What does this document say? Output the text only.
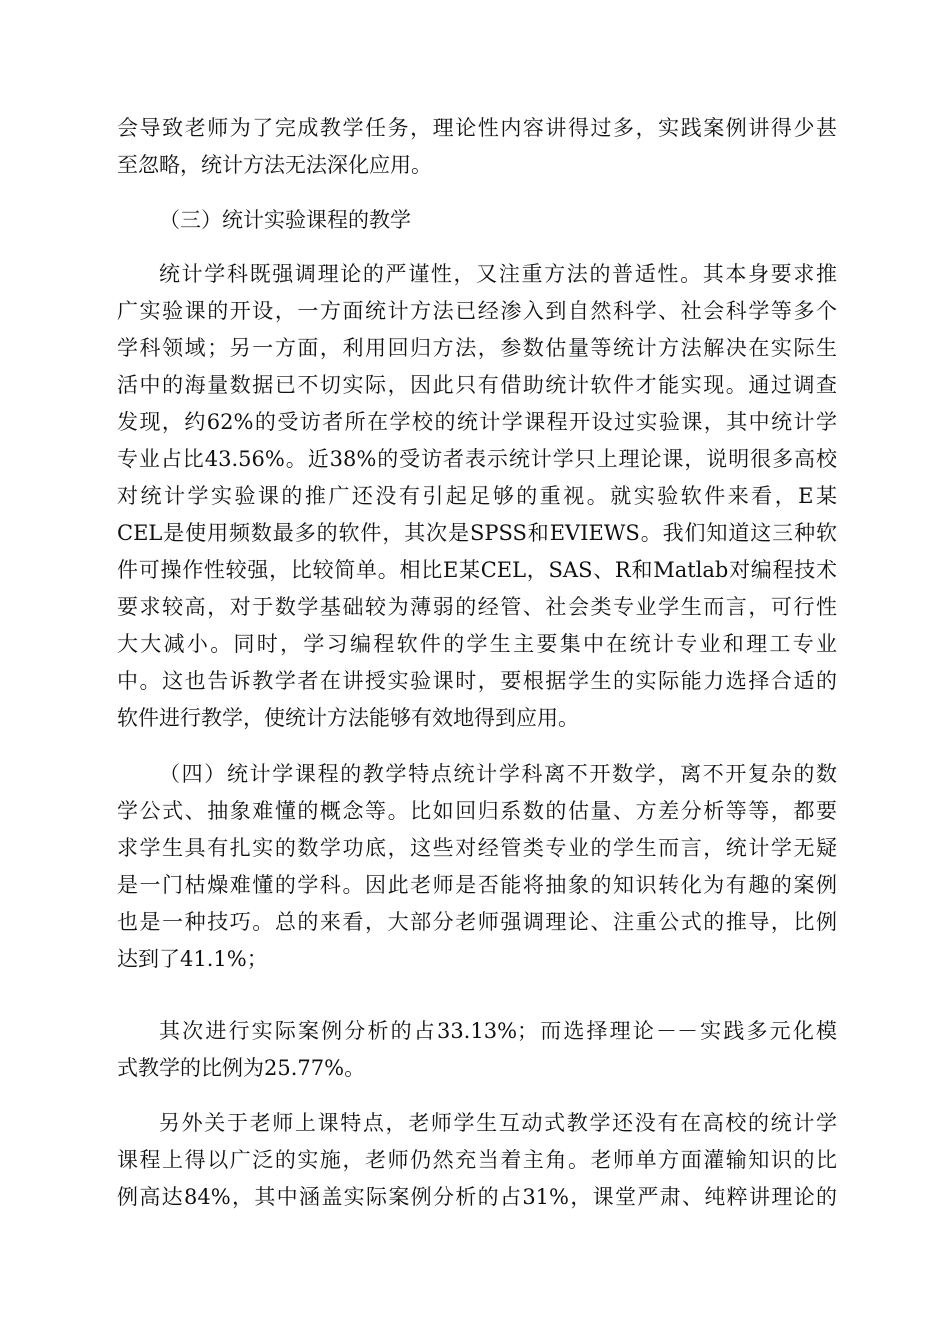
会导致老师为了完成教学任务，理论性内容讲得过多，实践案例讲得少甚
至忽略，统计方法无法深化应用。
（三）统计实验课程的教学
统计学科既强调理论的严谨性，又注重方法的普适性。其本身要求推
广实验课的开设，一方面统计方法已经渗入到自然科学、社会科学等多个
学科领域；另一方面，利用回归方法，参数估量等统计方法解决在实际生
活中的海量数据已不切实际，因此只有借助统计软件才能实现。通过调查
发现，约62%的受访者所在学校的统计学课程开设过实验课，其中统计学
专业占比43.56%。近38%的受访者表示统计学只上理论课，说明很多高校
对统计学实验课的推广还没有引起足够的重视。就实验软件来看，E某
CEL是使用频数最多的软件，其次是SPSS和EVIEWS。我们知道这三种软
件可操作性较强，比较简单。相比E某CEL，SAS、R和Matlab对编程技术
要求较高，对于数学基础较为薄弱的经管、社会类专业学生而言，可行性
大大减小。同时，学习编程软件的学生主要集中在统计专业和理工专业
中。这也告诉教学者在讲授实验课时，要根据学生的实际能力选择合适的
软件进行教学，使统计方法能够有效地得到应用。
（四）统计学课程的教学特点统计学科离不开数学，离不开复杂的数
学公式、抽象难懂的概念等。比如回归系数的估量、方差分析等等，都要
求学生具有扎实的数学功底，这些对经管类专业的学生而言，统计学无疑
是一门枯燥难懂的学科。因此老师是否能将抽象的知识转化为有趣的案例
也是一种技巧。总的来看，大部分老师强调理论、注重公式的推导，比例
达到了41.1%；
其次进行实际案例分析的占33.13%；而选择理论－－实践多元化模
式教学的比例为25.77%。
另外关于老师上课特点，老师学生互动式教学还没有在高校的统计学
课程上得以广泛的实施，老师仍然充当着主角。老师单方面灌输知识的比
例高达84%，其中涵盖实际案例分析的占31%，课堂严肃、纯粹讲理论的
